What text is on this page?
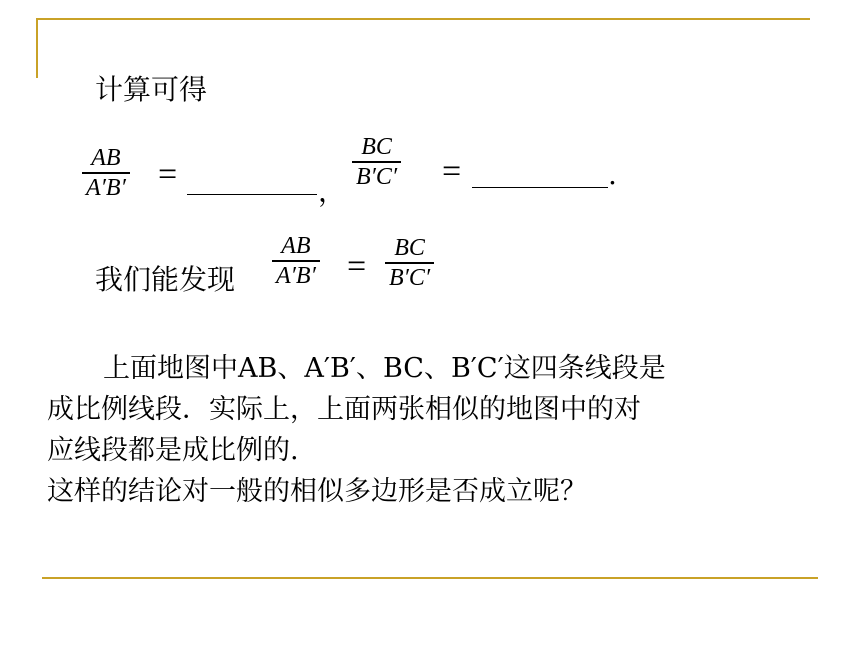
计算可得
AB
A′B′ =	，
BC
B′C′ =	.
我们能发现
AB
A′B′ = BC
B′C′

上面地图中AB、A′B′、BC、B′C′这四条线段是

成比例线段．实际上，上面两张相似的地图中的对

应线段都是成比例的.

这样的结论对一般的相似多边形是否成立呢？
